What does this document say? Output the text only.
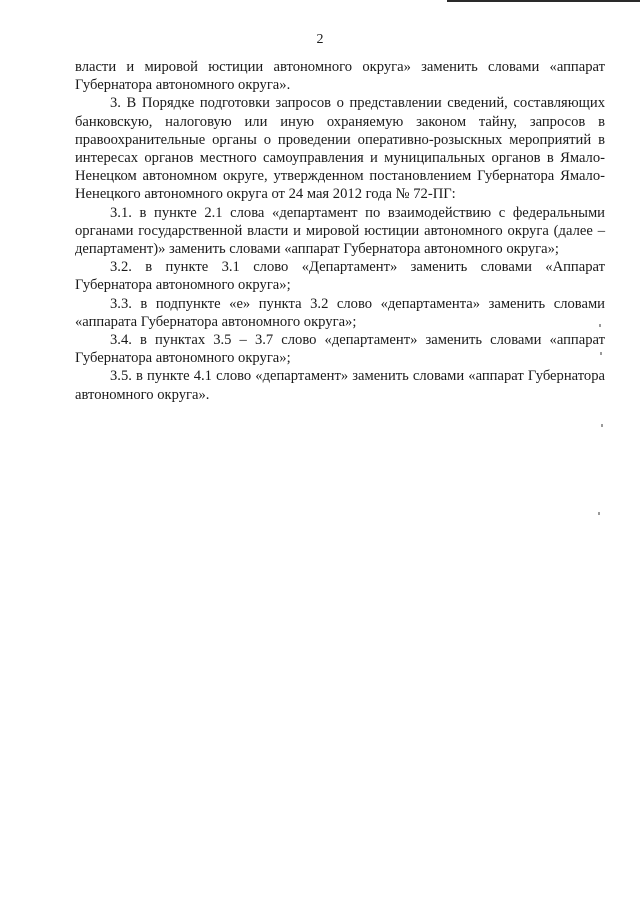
2

власти и мировой юстиции автономного округа» заменить словами «аппарат Губернатора автономного округа».

3. В Порядке подготовки запросов о представлении сведений, составляющих банковскую, налоговую или иную охраняемую законом тайну, запросов в правоохранительные органы о проведении оперативно-розыскных мероприятий в интересах органов местного самоуправления и муниципальных органов в Ямало-Ненецком автономном округе, утвержденном постановлением Губернатора Ямало-Ненецкого автономного округа от 24 мая 2012 года № 72-ПГ:

3.1. в пункте 2.1 слова «департамент по взаимодействию с федеральными органами государственной власти и мировой юстиции автономного округа (далее – департамент)» заменить словами «аппарат Губернатора автономного округа»;

3.2. в пункте 3.1 слово «Департамент» заменить словами «Аппарат Губернатора автономного округа»;

3.3. в подпункте «е» пункта 3.2 слово «департамента» заменить словами «аппарата Губернатора автономного округа»;

3.4. в пунктах 3.5 – 3.7 слово «департамент» заменить словами «аппарат Губернатора автономного округа»;

3.5. в пункте 4.1 слово «департамент» заменить словами «аппарат Губернатора автономного округа».
